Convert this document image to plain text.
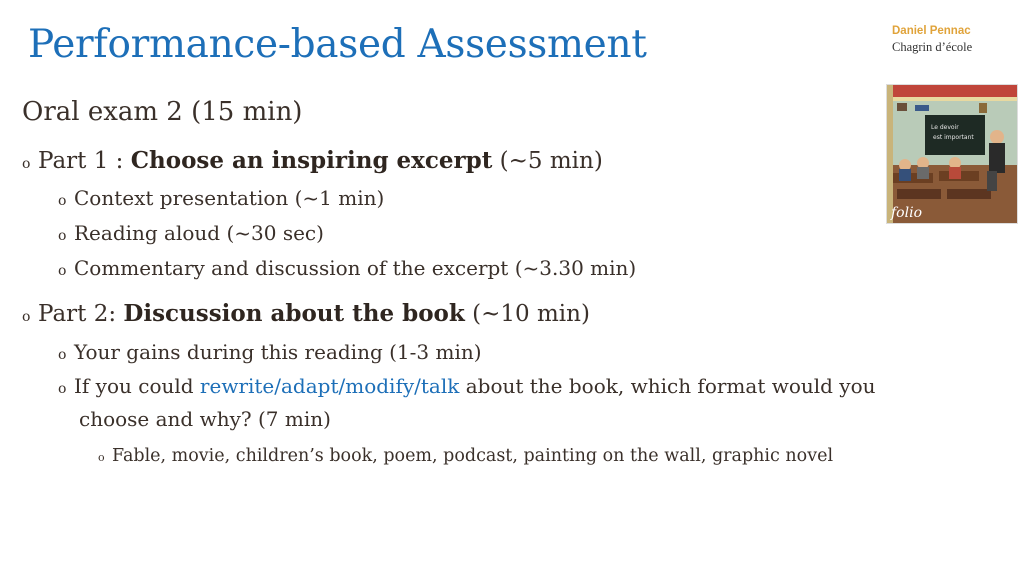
Performance-based Assessment	Daniel Pennac
Chagrin d’école
Le devoir
est important
folio
Oral exam 2 (15 min)
o Part 1 : Choose an inspiring excerpt (~5 min)
o Context presentation (~1 min)
o Reading aloud (~30 sec)
o Commentary and discussion of the excerpt (~3.30 min)
o Part 2: Discussion about the book (~10 min)
o Your gains during this reading (1-3 min)
o If you could rewrite/adapt/modify/talk about the book, which format would you
choose and why? (7 min)
o Fable, movie, children’s book, poem, podcast, painting on the wall, graphic novel
